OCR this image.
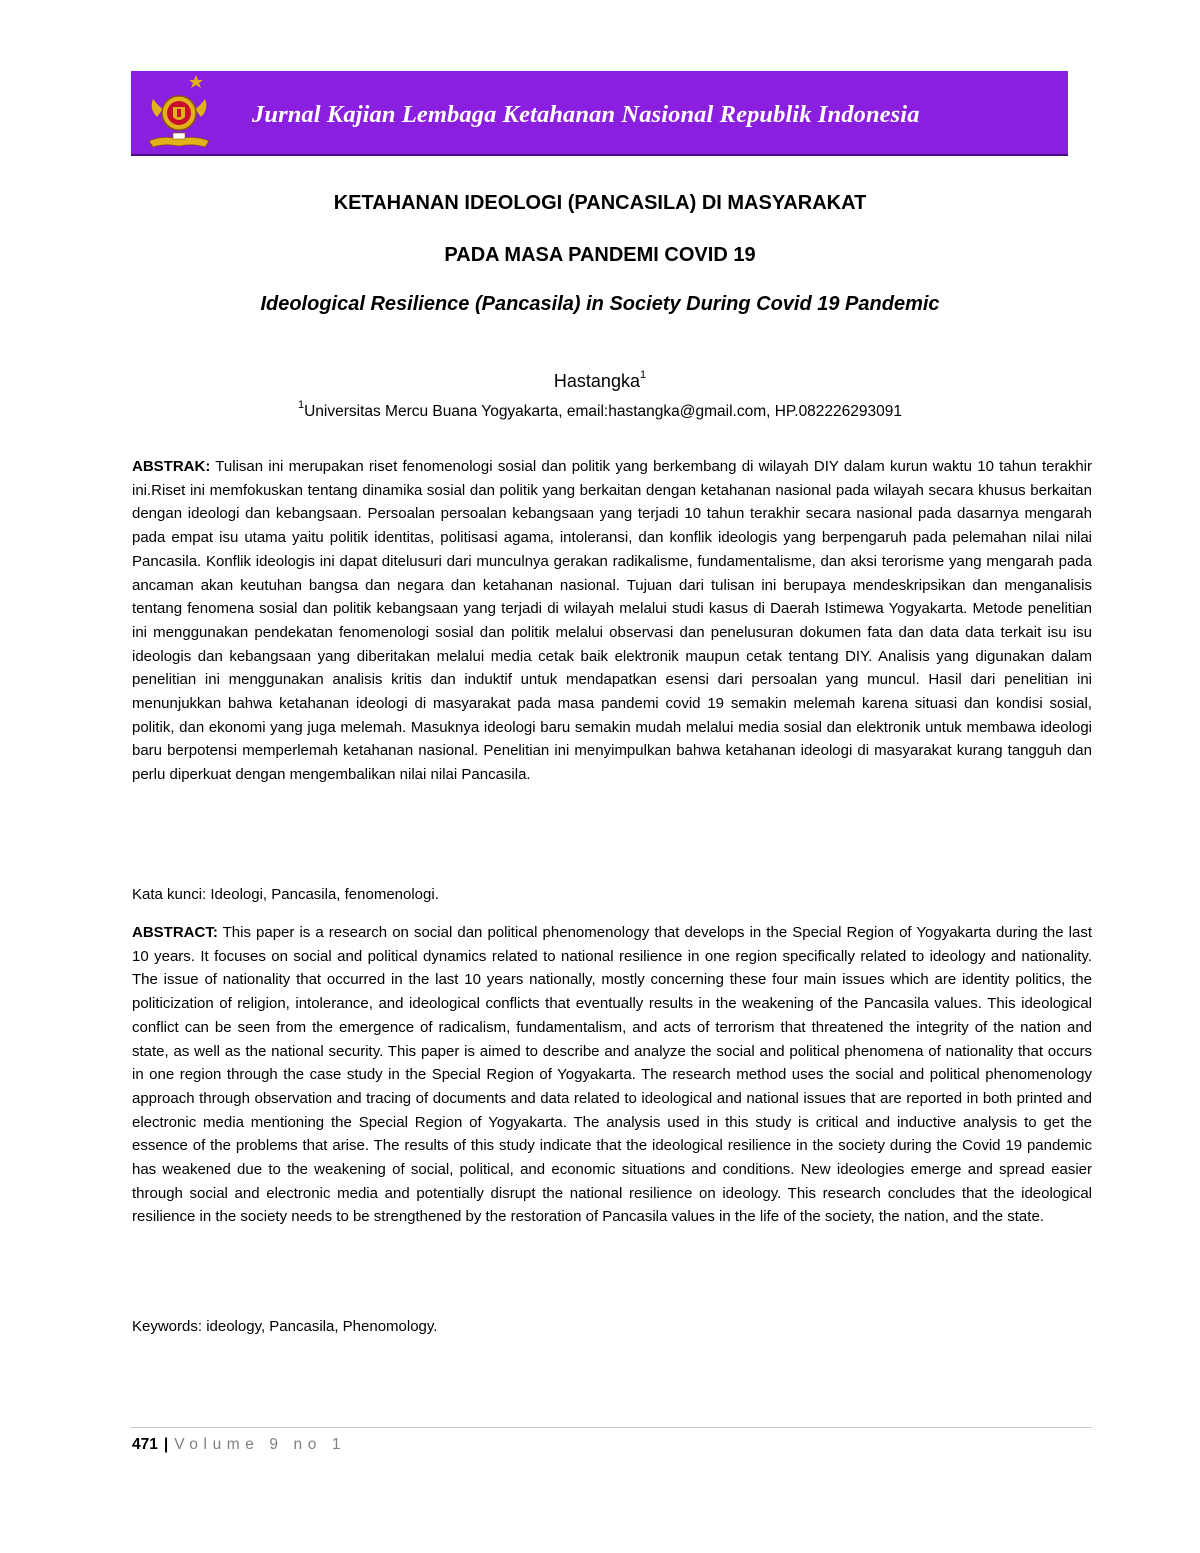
Jurnal Kajian Lembaga Ketahanan Nasional Republik Indonesia
KETAHANAN IDEOLOGI (PANCASILA) DI MASYARAKAT
PADA MASA PANDEMI COVID 19
Ideological Resilience (Pancasila) in Society During Covid 19 Pandemic
Hastangka$^1$
$^1$Universitas Mercu Buana Yogyakarta, email:hastangka@gmail.com, HP.082226293091
ABSTRAK: Tulisan ini merupakan riset fenomenologi sosial dan politik yang berkembang di wilayah DIY dalam kurun waktu 10 tahun terakhir ini.Riset ini memfokuskan tentang dinamika sosial dan politik yang berkaitan dengan ketahanan nasional pada wilayah secara khusus berkaitan dengan ideologi dan kebangsaan. Persoalan persoalan kebangsaan yang terjadi 10 tahun terakhir secara nasional pada dasarnya mengarah pada empat isu utama yaitu politik identitas, politisasi agama, intoleransi, dan konflik ideologis yang berpengaruh pada pelemahan nilai nilai Pancasila. Konflik ideologis ini dapat ditelusuri dari munculnya gerakan radikalisme, fundamentalisme, dan aksi terorisme yang mengarah pada ancaman akan keutuhan bangsa dan negara dan ketahanan nasional. Tujuan dari tulisan ini berupaya mendeskripsikan dan menganalisis tentang fenomena sosial dan politik kebangsaan yang terjadi di wilayah melalui studi kasus di Daerah Istimewa Yogyakarta. Metode penelitian ini menggunakan pendekatan fenomenologi sosial dan politik melalui observasi dan penelusuran dokumen fata dan data data terkait isu isu ideologis dan kebangsaan yang diberitakan melalui media cetak baik elektronik maupun cetak tentang DIY. Analisis yang digunakan dalam penelitian ini menggunakan analisis kritis dan induktif untuk mendapatkan esensi dari persoalan yang muncul. Hasil dari penelitian ini menunjukkan bahwa ketahanan ideologi di masyarakat pada masa pandemi covid 19 semakin melemah karena situasi dan kondisi sosial, politik, dan ekonomi yang juga melemah. Masuknya ideologi baru semakin mudah melalui media sosial dan elektronik untuk membawa ideologi baru berpotensi memperlemah ketahanan nasional. Penelitian ini menyimpulkan bahwa ketahanan ideologi di masyarakat kurang tangguh dan perlu diperkuat dengan mengembalikan nilai nilai Pancasila.
Kata kunci: Ideologi, Pancasila, fenomenologi.
ABSTRACT: This paper is a research on social dan political phenomenology that develops in the Special Region of Yogyakarta during the last 10 years. It focuses on social and political dynamics related to national resilience in one region specifically related to ideology and nationality. The issue of nationality that occurred in the last 10 years nationally, mostly concerning these four main issues which are identity politics, the politicization of religion, intolerance, and ideological conflicts that eventually results in the weakening of the Pancasila values. This ideological conflict can be seen from the emergence of radicalism, fundamentalism, and acts of terrorism that threatened the integrity of the nation and state, as well as the national security. This paper is aimed to describe and analyze the social and political phenomena of nationality that occurs in one region through the case study in the Special Region of Yogyakarta. The research method uses the social and political phenomenology approach through observation and tracing of documents and data related to ideological and national issues that are reported in both printed and electronic media mentioning the Special Region of Yogyakarta. The analysis used in this study is critical and inductive analysis to get the essence of the problems that arise. The results of this study indicate that the ideological resilience in the society during the Covid 19 pandemic has weakened due to the weakening of social, political, and economic situations and conditions. New ideologies emerge and spread easier through social and electronic media and potentially disrupt the national resilience on ideology. This research concludes that the ideological resilience in the society needs to be strengthened by the restoration of Pancasila values in the life of the society, the nation, and the state.
Keywords: ideology, Pancasila, Phenomology.
471 | Volume 9 no 1
